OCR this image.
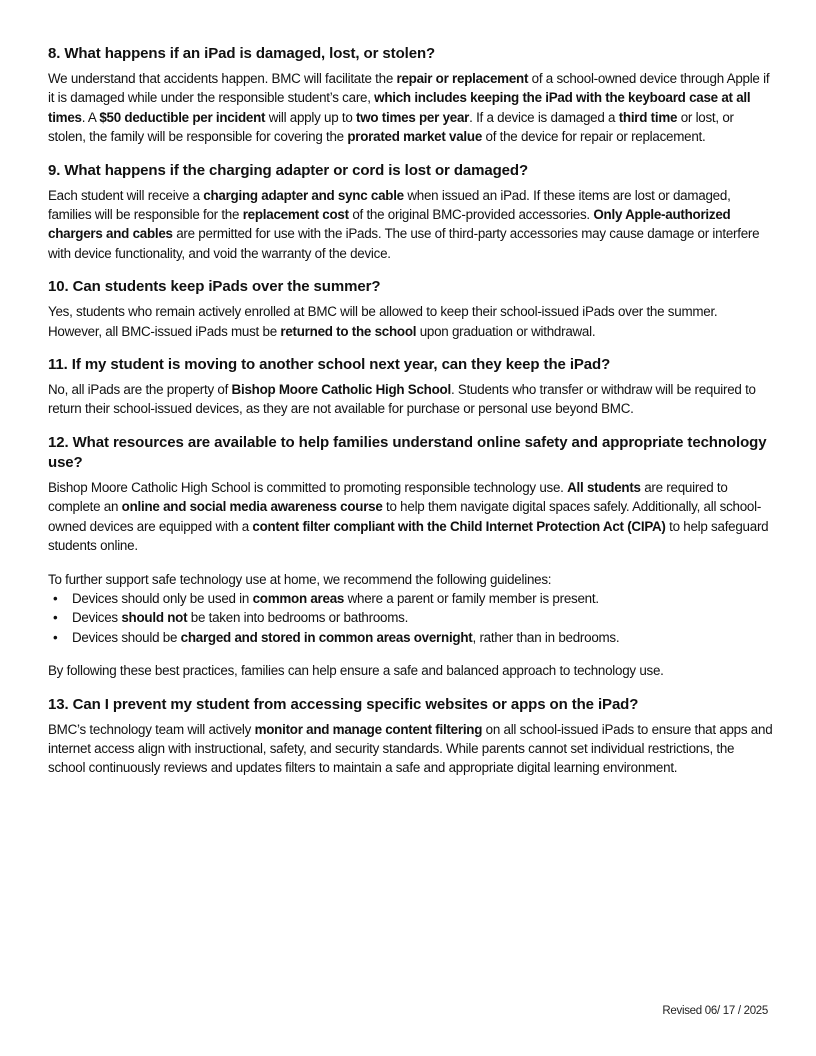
8. What happens if an iPad is damaged, lost, or stolen?

We understand that accidents happen. BMC will facilitate the repair or replacement of a school-owned device through Apple if it is damaged while under the responsible student’s care, which includes keeping the iPad with the keyboard case at all times. A $50 deductible per incident will apply up to two times per year. If a device is damaged a third time or lost, or stolen, the family will be responsible for covering the prorated market value of the device for repair or replacement.

9. What happens if the charging adapter or cord is lost or damaged?

Each student will receive a charging adapter and sync cable when issued an iPad. If these items are lost or damaged, families will be responsible for the replacement cost of the original BMC-provided accessories. Only Apple-authorized chargers and cables are permitted for use with the iPads. The use of third-party accessories may cause damage or interfere with device functionality, and void the warranty of the device.

10. Can students keep iPads over the summer?

Yes, students who remain actively enrolled at BMC will be allowed to keep their school-issued iPads over the summer. However, all BMC-issued iPads must be returned to the school upon graduation or withdrawal.

11. If my student is moving to another school next year, can they keep the iPad?

No, all iPads are the property of Bishop Moore Catholic High School. Students who transfer or withdraw will be required to return their school-issued devices, as they are not available for purchase or personal use beyond BMC.

12. What resources are available to help families understand online safety and appropriate technology use?

Bishop Moore Catholic High School is committed to promoting responsible technology use. All students are required to complete an online and social media awareness course to help them navigate digital spaces safely. Additionally, all school-owned devices are equipped with a content filter compliant with the Child Internet Protection Act (CIPA) to help safeguard students online.

To further support safe technology use at home, we recommend the following guidelines:

• Devices should only be used in common areas where a parent or family member is present.
• Devices should not be taken into bedrooms or bathrooms.
• Devices should be charged and stored in common areas overnight, rather than in bedrooms.

By following these best practices, families can help ensure a safe and balanced approach to technology use.

13. Can I prevent my student from accessing specific websites or apps on the iPad?

BMC’s technology team will actively monitor and manage content filtering on all school-issued iPads to ensure that apps and internet access align with instructional, safety, and security standards. While parents cannot set individual restrictions, the school continuously reviews and updates filters to maintain a safe and appropriate digital learning environment.

Revised 06/ 17 / 2025
